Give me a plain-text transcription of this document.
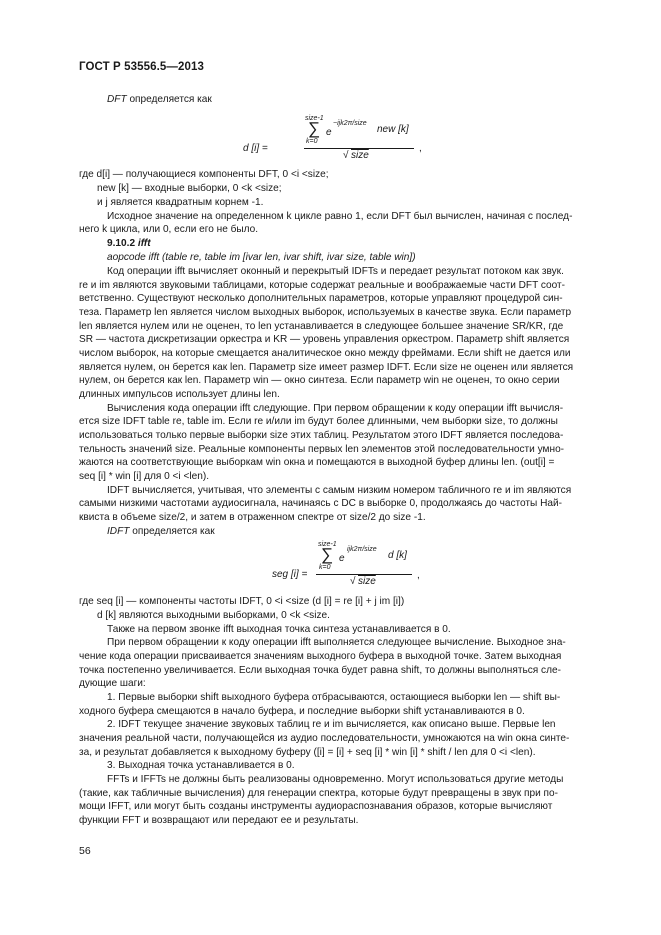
ГОСТ Р 53556.5—2013
DFT определяется как
d [i] =
size-1
∑
k=0
e
−ijk2π/size
new [k]
√ size
,
где d[i] — получающиеся компоненты DFT, 0 <i <size;
new [k] — входные выборки, 0 <k <size;
и j является квадратным корнем -1.
Исходное значение на определенном k цикле равно 1, если DFT был вычислен, начиная с послед-
него k цикла, или 0, если его не было.
9.10.2 ifft
aopcode ifft (table re, table im [ivar len, ivar shift, ivar size, table win])
Код операции ifft вычисляет оконный и перекрытый IDFTs и передает результат потоком как звук.
re и im являются звуковыми таблицами, которые содержат реальные и воображаемые части DFT соот-
ветственно. Существуют несколько дополнительных параметров, которые управляют процедурой син-
теза. Параметр len является числом выходных выборок, используемых в качестве звука. Если параметр
len является нулем или не оценен, то len устанавливается в следующее большее значение SR/KR, где
SR — частота дискретизации оркестра и KR — уровень управления оркестром. Параметр shift является
числом выборок, на которые смещается аналитическое окно между фреймами. Если shift не дается или
является нулем, он берется как len. Параметр size имеет размер IDFT. Если size не оценен или является
нулем, он берется как len. Параметр win — окно синтеза. Если параметр win не оценен, то окно серии
длинных импульсов использует длины len.
Вычисления кода операции ifft следующие. При первом обращении к коду операции ifft вычисля-
ется size IDFT table re, table im. Если re и/или im будут более длинными, чем выборки size, то должны
использоваться только первые выборки size этих таблиц. Результатом этого IDFT является последова-
тельность значений size. Реальные компоненты первых len элементов этой последовательности умно-
жаются на соответствующие выборкам win окна и помещаются в выходной буфер длины len. (out[i] =
seq [i] * win [i] для 0 <i <len).
IDFT вычисляется, учитывая, что элементы с самым низким номером табличного re и im являются
самыми низкими частотами аудиосигнала, начинаясь с DC в выборке 0, продолжаясь до частоты Най-
квиста в объеме size/2, и затем в отраженном спектре от size/2 до size -1.
IDFT определяется как
seg [i] =
size-1
∑
k=0
e
ijk2π/size
d [k]
√ size
,
где seq [i] — компоненты частоты IDFT, 0 <i <size (d [i] = re [i] + j im [i])
d [k] являются выходными выборками, 0 <k <size.
Также на первом звонке ifft выходная точка синтеза устанавливается в 0.
При первом обращении к коду операции ifft выполняется следующее вычисление. Выходное зна-
чение кода операции присваивается значениям выходного буфера в выходной точке. Затем выходная
точка постепенно увеличивается. Если выходная точка будет равна shift, то должны выполняться сле-
дующие шаги:
1. Первые выборки shift выходного буфера отбрасываются, остающиеся выборки len — shift вы-
ходного буфера смещаются в начало буфера, и последние выборки shift устанавливаются в 0.
2. IDFT текущее значение звуковых таблиц re и im вычисляется, как описано выше. Первые len
значения реальной части, получающейся из аудио последовательности, умножаются на win окна синте-
за, и результат добавляется к выходному буферу ([i] = [i] + seq [i] * win [i] * shift / len для 0 <i <len).
3. Выходная точка устанавливается в 0.
FFTs и IFFTs не должны быть реализованы одновременно. Могут использоваться другие методы
(такие, как табличные вычисления) для генерации спектра, которые будут превращены в звук при по-
мощи IFFT, или могут быть созданы инструменты аудиораспознавания образов, которые вычисляют
функции FFT и возвращают или передают ее и результаты.
56
